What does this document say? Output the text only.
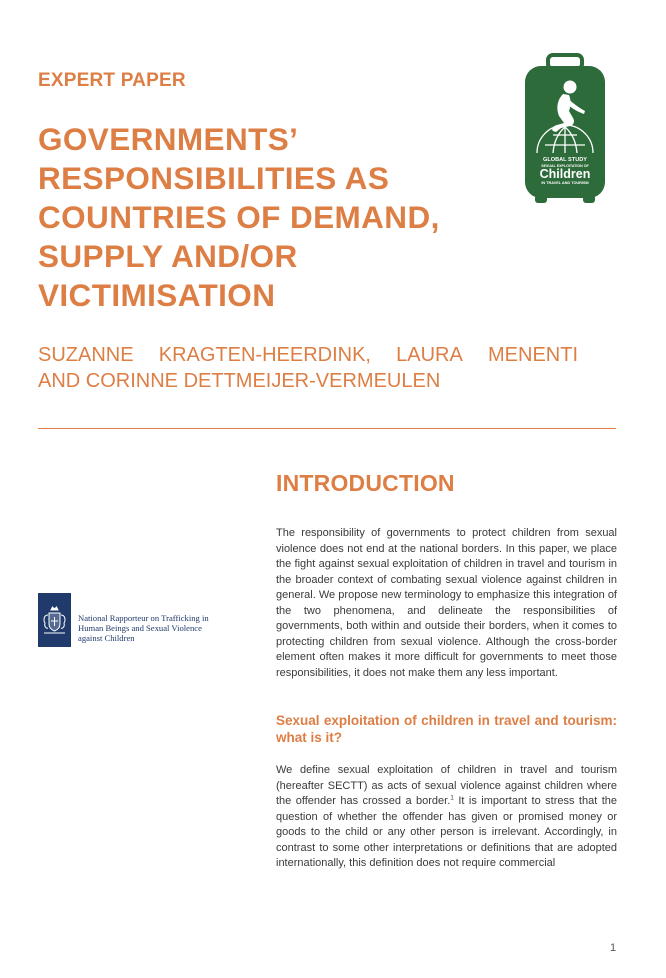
EXPERT PAPER
GOVERNMENTS’
RESPONSIBILITIES AS
COUNTRIES OF DEMAND,
SUPPLY AND/OR
VICTIMISATION
SUZANNE KRAGTEN-HEERDINK, LAURA MENENTI
AND CORINNE DETTMEIJER-VERMEULEN
GLOBAL STUDY
SEXUAL EXPLOITATION OF
Children
IN TRAVEL AND TOURISM
National Rapporteur on Trafficking in
Human Beings and Sexual Violence
against Children
INTRODUCTION

The responsibility of governments to protect children from sexual violence does not end at the national borders. In this paper, we place the fight against sexual exploitation of children in travel and tourism in the broader context of combating sexual violence against children in general. We propose new terminology to emphasize this integration of the two phenomena, and delineate the responsibilities of governments, both within and outside their borders, when it comes to protecting children from sexual violence. Although the cross-border element often makes it more difficult for governments to meet those responsibilities, it does not make them any less important.

Sexual exploitation of children in travel and tourism: what is it?

We define sexual exploitation of children in travel and tourism (hereafter SECTT) as acts of sexual violence against children where the offender has crossed a border.$^1$ It is important to stress that the question of whether the offender has given or promised money or goods to the child or any other person is irrelevant. Accordingly, in contrast to some other interpretations or definitions that are adopted internationally, this definition does not require commercial

1
